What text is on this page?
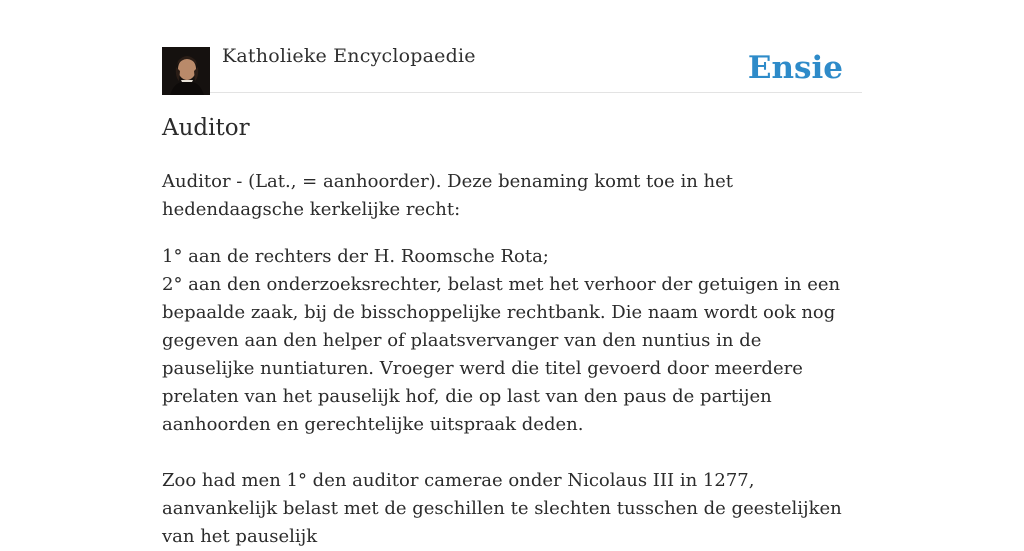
Katholieke Encyclopaedie	Ensie
Auditor

Auditor - (Lat., = aanhoorder). Deze benaming komt toe in het hedendaagsche kerkelijke recht:

1° aan de rechters der H. Roomsche Rota;

2° aan den onderzoeksrechter, belast met het verhoor der getuigen in een bepaalde zaak, bij de bisschoppelijke rechtbank. Die naam wordt ook nog gegeven aan den helper of plaatsvervanger van den nuntius in de pauselijke nuntiaturen. Vroeger werd die titel gevoerd door meerdere prelaten van het pauselijk hof, die op last van den paus de partijen aanhoorden en gerechtelijke uitspraak deden.

Zoo had men 1° den auditor camerae onder Nicolaus III in 1277, aanvankelijk belast met de geschillen te slechten tusschen de geestelijken van het pauselijk
